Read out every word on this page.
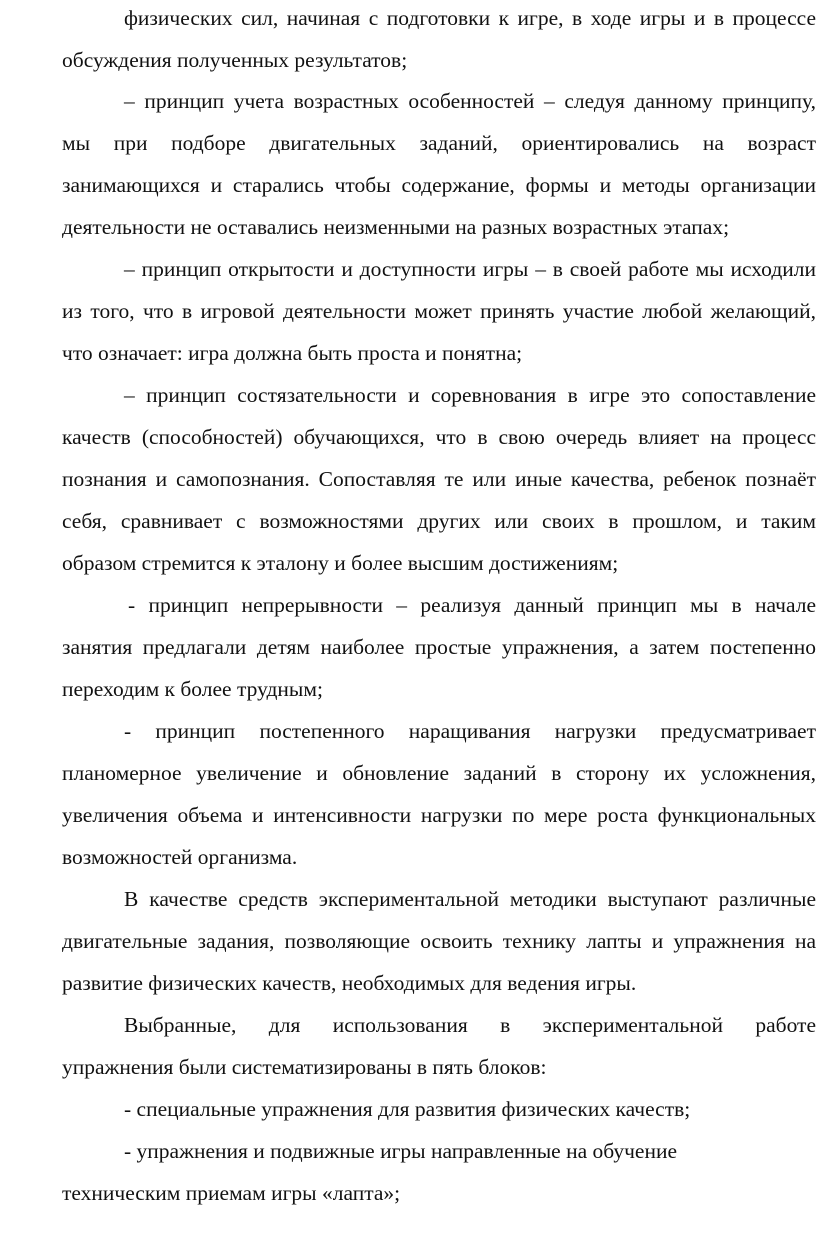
физических сил, начиная с подготовки к игре, в ходе игры и в процессе
обсуждения полученных результатов;
– принцип учета возрастных особенностей – следуя данному принципу,
мы при подборе двигательных заданий, ориентировались на возраст
занимающихся и старались чтобы содержание, формы и методы организации
деятельности не оставались неизменными на разных возрастных этапах;
– принцип открытости и доступности игры – в своей работе мы исходили
из того, что в игровой деятельности может принять участие любой желающий,
что означает: игра должна быть проста и понятна;
– принцип состязательности и соревнования в игре это сопоставление
качеств (способностей) обучающихся, что в свою очередь влияет на процесс
познания и самопознания. Сопоставляя те или иные качества, ребенок познаёт
себя, сравнивает с возможностями других или своих в прошлом, и таким
образом стремится к эталону и более высшим достижениям;
- принцип непрерывности – реализуя данный принцип мы в начале
занятия предлагали детям наиболее простые упражнения, а затем постепенно
переходим к более трудным;
- принцип постепенного наращивания нагрузки предусматривает
планомерное увеличение и обновление заданий в сторону их усложнения,
увеличения объема и интенсивности нагрузки по мере роста функциональных
возможностей организма.
В качестве средств экспериментальной методики выступают различные
двигательные задания, позволяющие освоить технику лапты и упражнения на
развитие физических качеств, необходимых для ведения игры.
Выбранные, для использования в экспериментальной работе
упражнения были систематизированы в пять блоков:
- специальные упражнения для развития физических качеств;
- упражнения и подвижные игры направленные на обучение
техническим приемам игры «лапта»;
